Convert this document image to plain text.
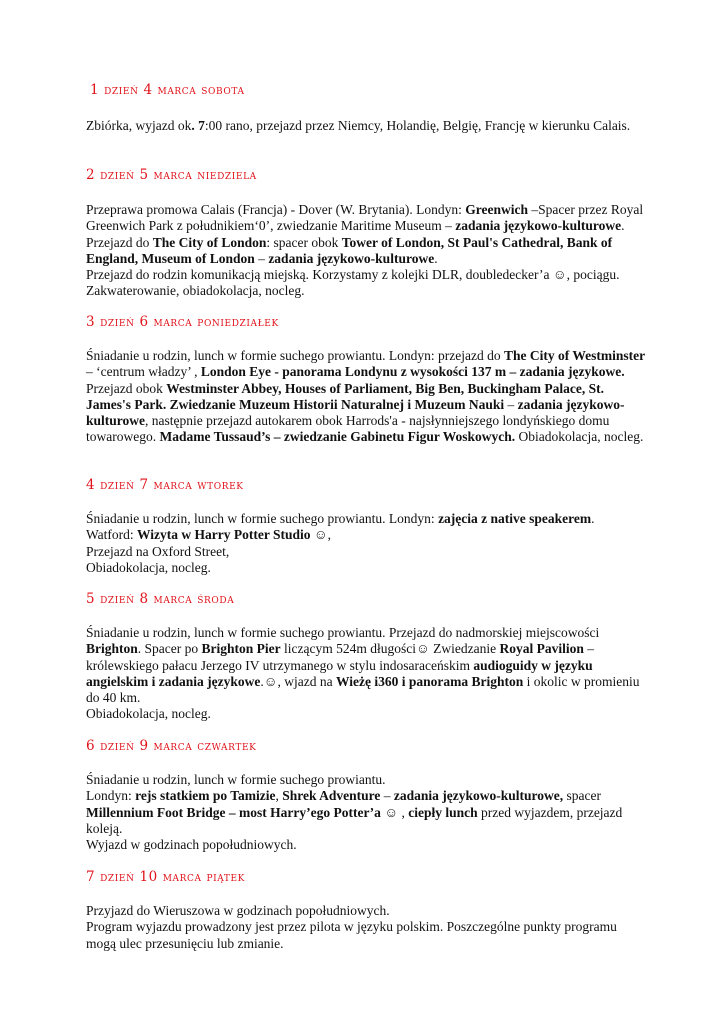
1 dzień 4 marca sobota

Zbiórka, wyjazd ok. 7:00 rano, przejazd przez Niemcy, Holandię, Belgię, Francję w kierunku Calais.

2 dzień 5 marca niedziela

Przeprawa promowa Calais (Francja) - Dover (W. Brytania). Londyn: Greenwich –Spacer przez Royal Greenwich Park z południkiem‘0’, zwiedzanie Maritime Museum – zadania językowo-kulturowe. Przejazd do The City of London: spacer obok Tower of London, St Paul's Cathedral, Bank of England, Museum of London – zadania językowo-kulturowe.

Przejazd do rodzin komunikacją miejską. Korzystamy z kolejki DLR, doubledecker’a ☺, pociągu. Zakwaterowanie, obiadokolacja, nocleg.

3 dzień 6 marca poniedziałek

Śniadanie u rodzin, lunch w formie suchego prowiantu. Londyn: przejazd do The City of Westminster – ‘centrum władzy’ , London Eye - panorama Londynu z wysokości 137 m – zadania językowe. Przejazd obok Westminster Abbey, Houses of Parliament, Big Ben, Buckingham Palace, St. James's Park. Zwiedzanie Muzeum Historii Naturalnej i Muzeum Nauki – zadania językowo-kulturowe, następnie przejazd autokarem obok Harrods'a - najsłynniejszego londyńskiego domu towarowego. Madame Tussaud’s – zwiedzanie Gabinetu Figur Woskowych. Obiadokolacja, nocleg.

4 dzień 7 marca wtorek

Śniadanie u rodzin, lunch w formie suchego prowiantu. Londyn: zajęcia z native speakerem.

Watford: Wizyta w Harry Potter Studio ☺,

Przejazd na Oxford Street,

Obiadokolacja, nocleg.

5 dzień 8 marca środa

Śniadanie u rodzin, lunch w formie suchego prowiantu. Przejazd do nadmorskiej miejscowości Brighton. Spacer po Brighton Pier liczącym 524m długości☺ Zwiedzanie Royal Pavilion – królewskiego pałacu Jerzego IV utrzymanego w stylu indosaraceńskim audioguidy w języku angielskim i zadania językowe.☺, wjazd na Wieżę i360 i panorama Brighton i okolic w promieniu do 40 km.

Obiadokolacja, nocleg.

6 dzień 9 marca czwartek

Śniadanie u rodzin, lunch w formie suchego prowiantu.

Londyn: rejs statkiem po Tamizie, Shrek Adventure – zadania językowo-kulturowe, spacer Millennium Foot Bridge – most Harry’ego Potter’a ☺ , ciepły lunch przed wyjazdem, przejazd koleją.

Wyjazd w godzinach popołudniowych.

7 dzień 10 marca piątek

Przyjazd do Wieruszowa w godzinach popołudniowych.

Program wyjazdu prowadzony jest przez pilota w języku polskim. Poszczególne punkty programu mogą ulec przesunięciu lub zmianie.
